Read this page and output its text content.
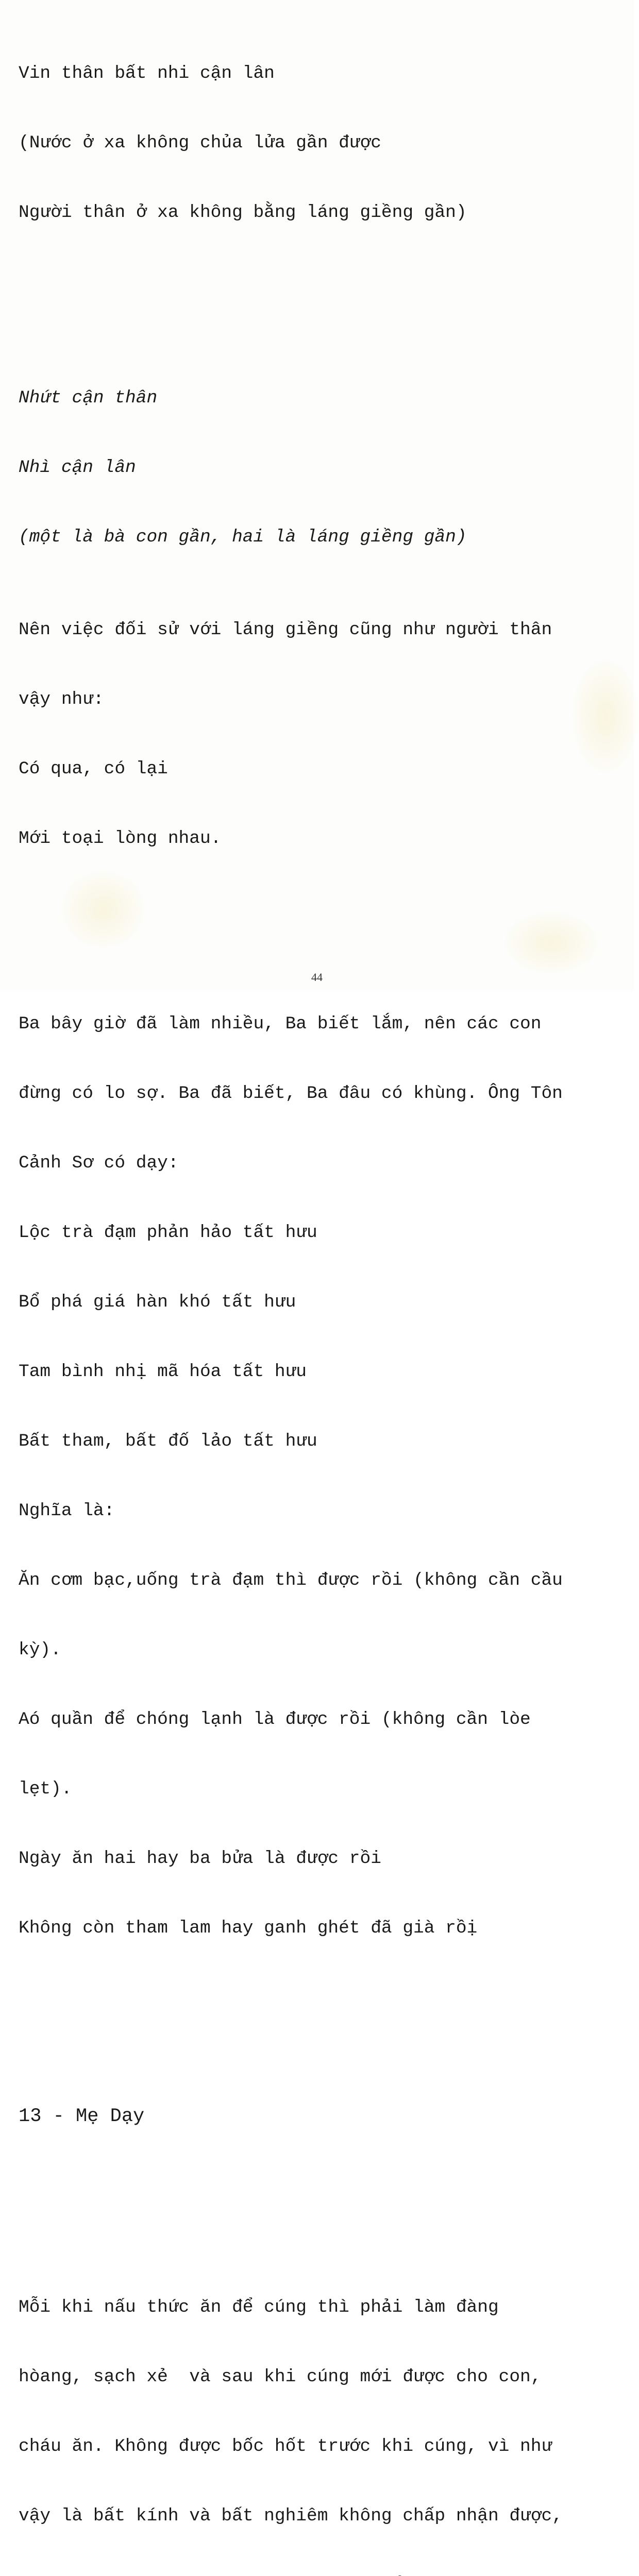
Vin thân bất nhi cận lân

(Nước ở xa không chủa lửa gần được

Người thân ở xa không bằng láng giềng gần)

Nhứt cận thân

Nhì cận lân

(một là bà con gần, hai là láng giềng gần)

Nên việc đối sử với láng giềng cũng như người thân

vậy như:

Có qua, có lại

Mới toại lòng nhau.

Ba bây giờ đã làm nhiều, Ba biết lắm, nên các con

đừng có lo sợ. Ba đã biết, Ba đâu có khùng. Ông Tôn

Cảnh Sơ có dạy:

Lộc trà đạm phản hảo tất hưu

Bổ phá giá hàn khó tất hưu

Tam bình nhị mã hóa tất hưu

Bất tham, bất đố lảo tất hưu

Nghĩa là:

Ăn cơm bạc,uống trà đạm thì được rồi (không cần cầu

kỳ).

Aó quần để chóng lạnh là được rồi (không cần lòe

lẹt).

Ngày ăn hai hay ba bửa là được rồi

Không còn tham lam hay ganh ghét đã già rồị

13 - Mẹ Dạy

Mỗi khi nấu thức ăn để cúng thì phải làm đàng

hòang, sạch xẻ  và sau khi cúng mới được cho con,

cháu ăn. Không được bốc hốt trước khi cúng, vì như

vậy là bất kính và bất nghiêm không chấp nhận được,

44
